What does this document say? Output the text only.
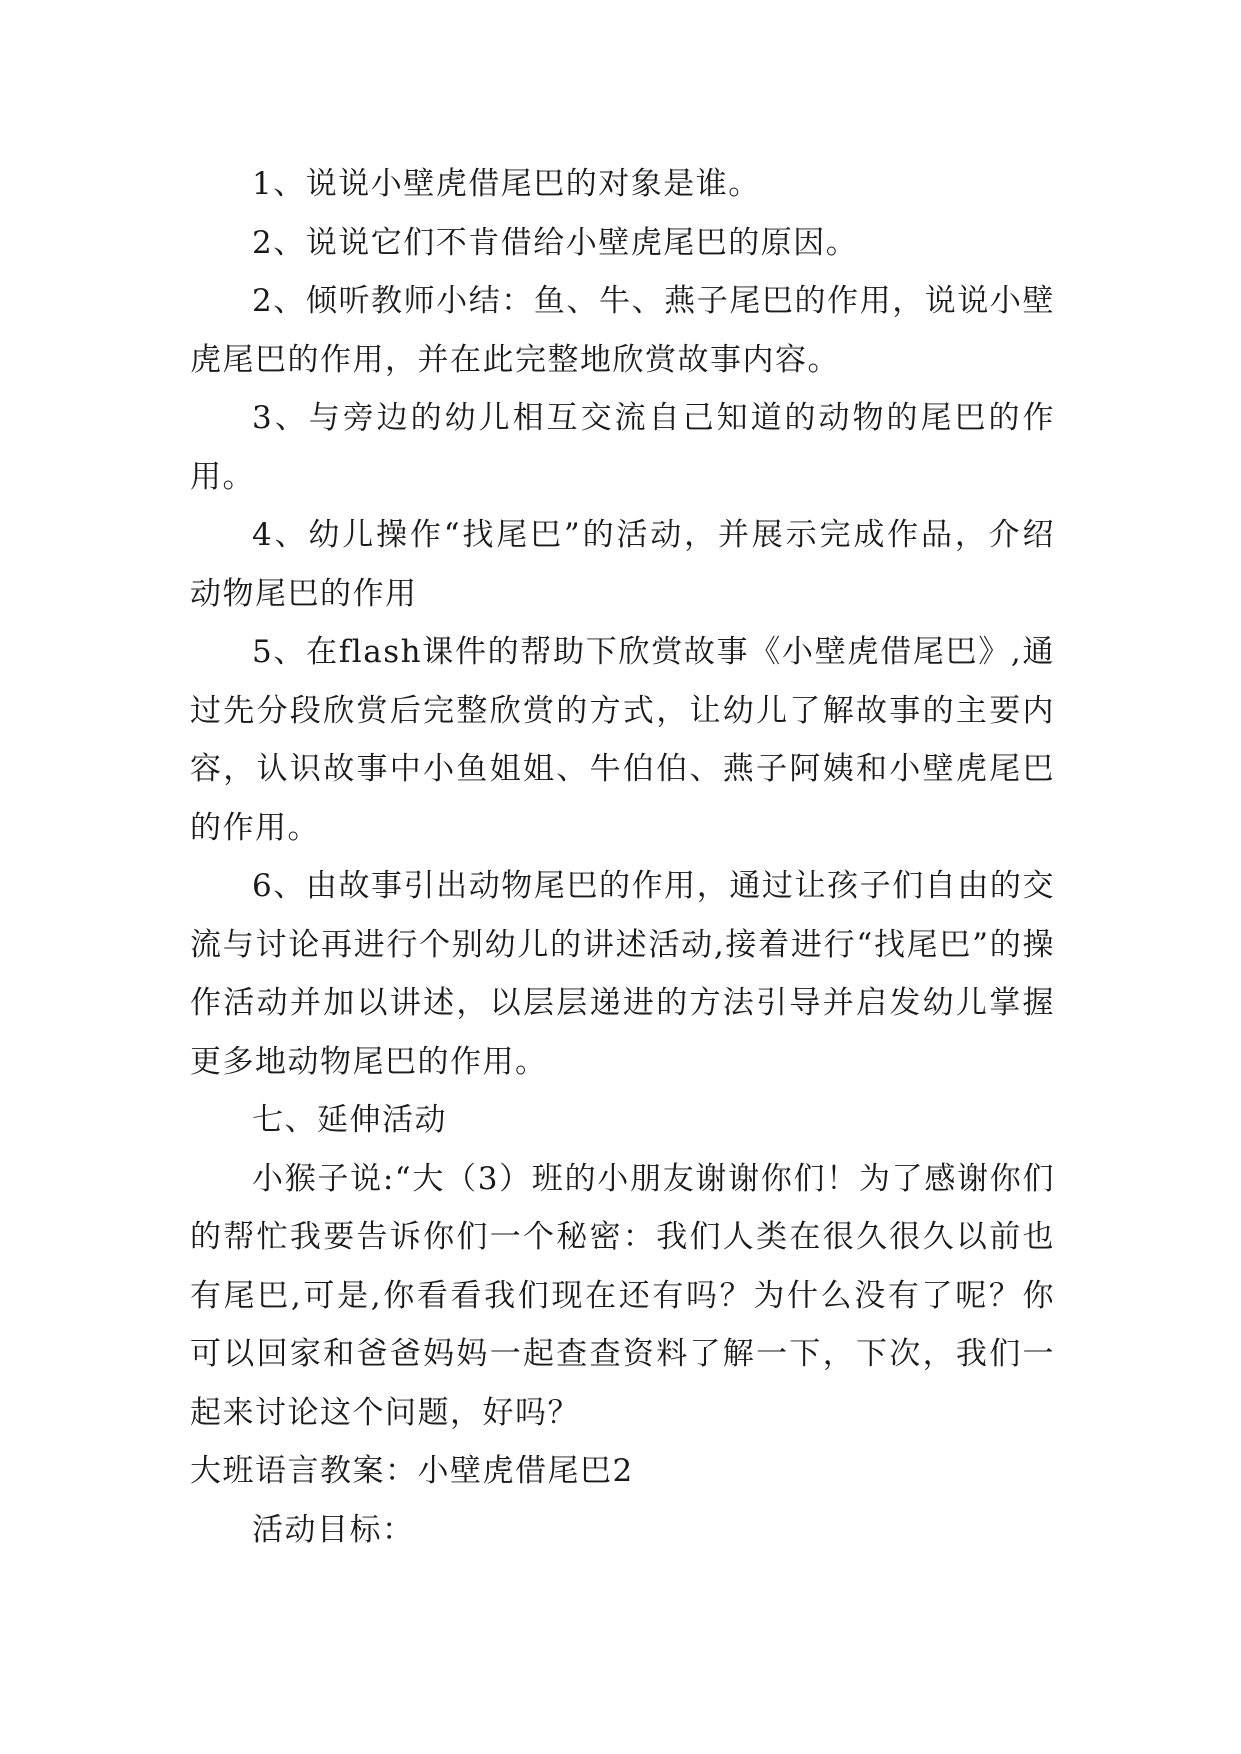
1、说说小壁虎借尾巴的对象是谁。

2、说说它们不肯借给小壁虎尾巴的原因。

2、倾听教师小结：鱼、牛、燕子尾巴的作用，说说小壁虎尾巴的作用，并在此完整地欣赏故事内容。

3、与旁边的幼儿相互交流自己知道的动物的尾巴的作用。

4、幼儿操作“找尾巴”的活动，并展示完成作品，介绍动物尾巴的作用

5、在flash课件的帮助下欣赏故事《小壁虎借尾巴》,通过先分段欣赏后完整欣赏的方式，让幼儿了解故事的主要内容，认识故事中小鱼姐姐、牛伯伯、燕子阿姨和小壁虎尾巴的作用。

6、由故事引出动物尾巴的作用，通过让孩子们自由的交流与讨论再进行个别幼儿的讲述活动,接着进行“找尾巴”的操作活动并加以讲述，以层层递进的方法引导并启发幼儿掌握更多地动物尾巴的作用。

七、延伸活动

小猴子说:“大（3）班的小朋友谢谢你们！为了感谢你们的帮忙我要告诉你们一个秘密：我们人类在很久很久以前也有尾巴,可是,你看看我们现在还有吗？为什么没有了呢？你可以回家和爸爸妈妈一起查查资料了解一下，下次，我们一起来讨论这个问题，好吗？

大班语言教案：小壁虎借尾巴2

活动目标：
